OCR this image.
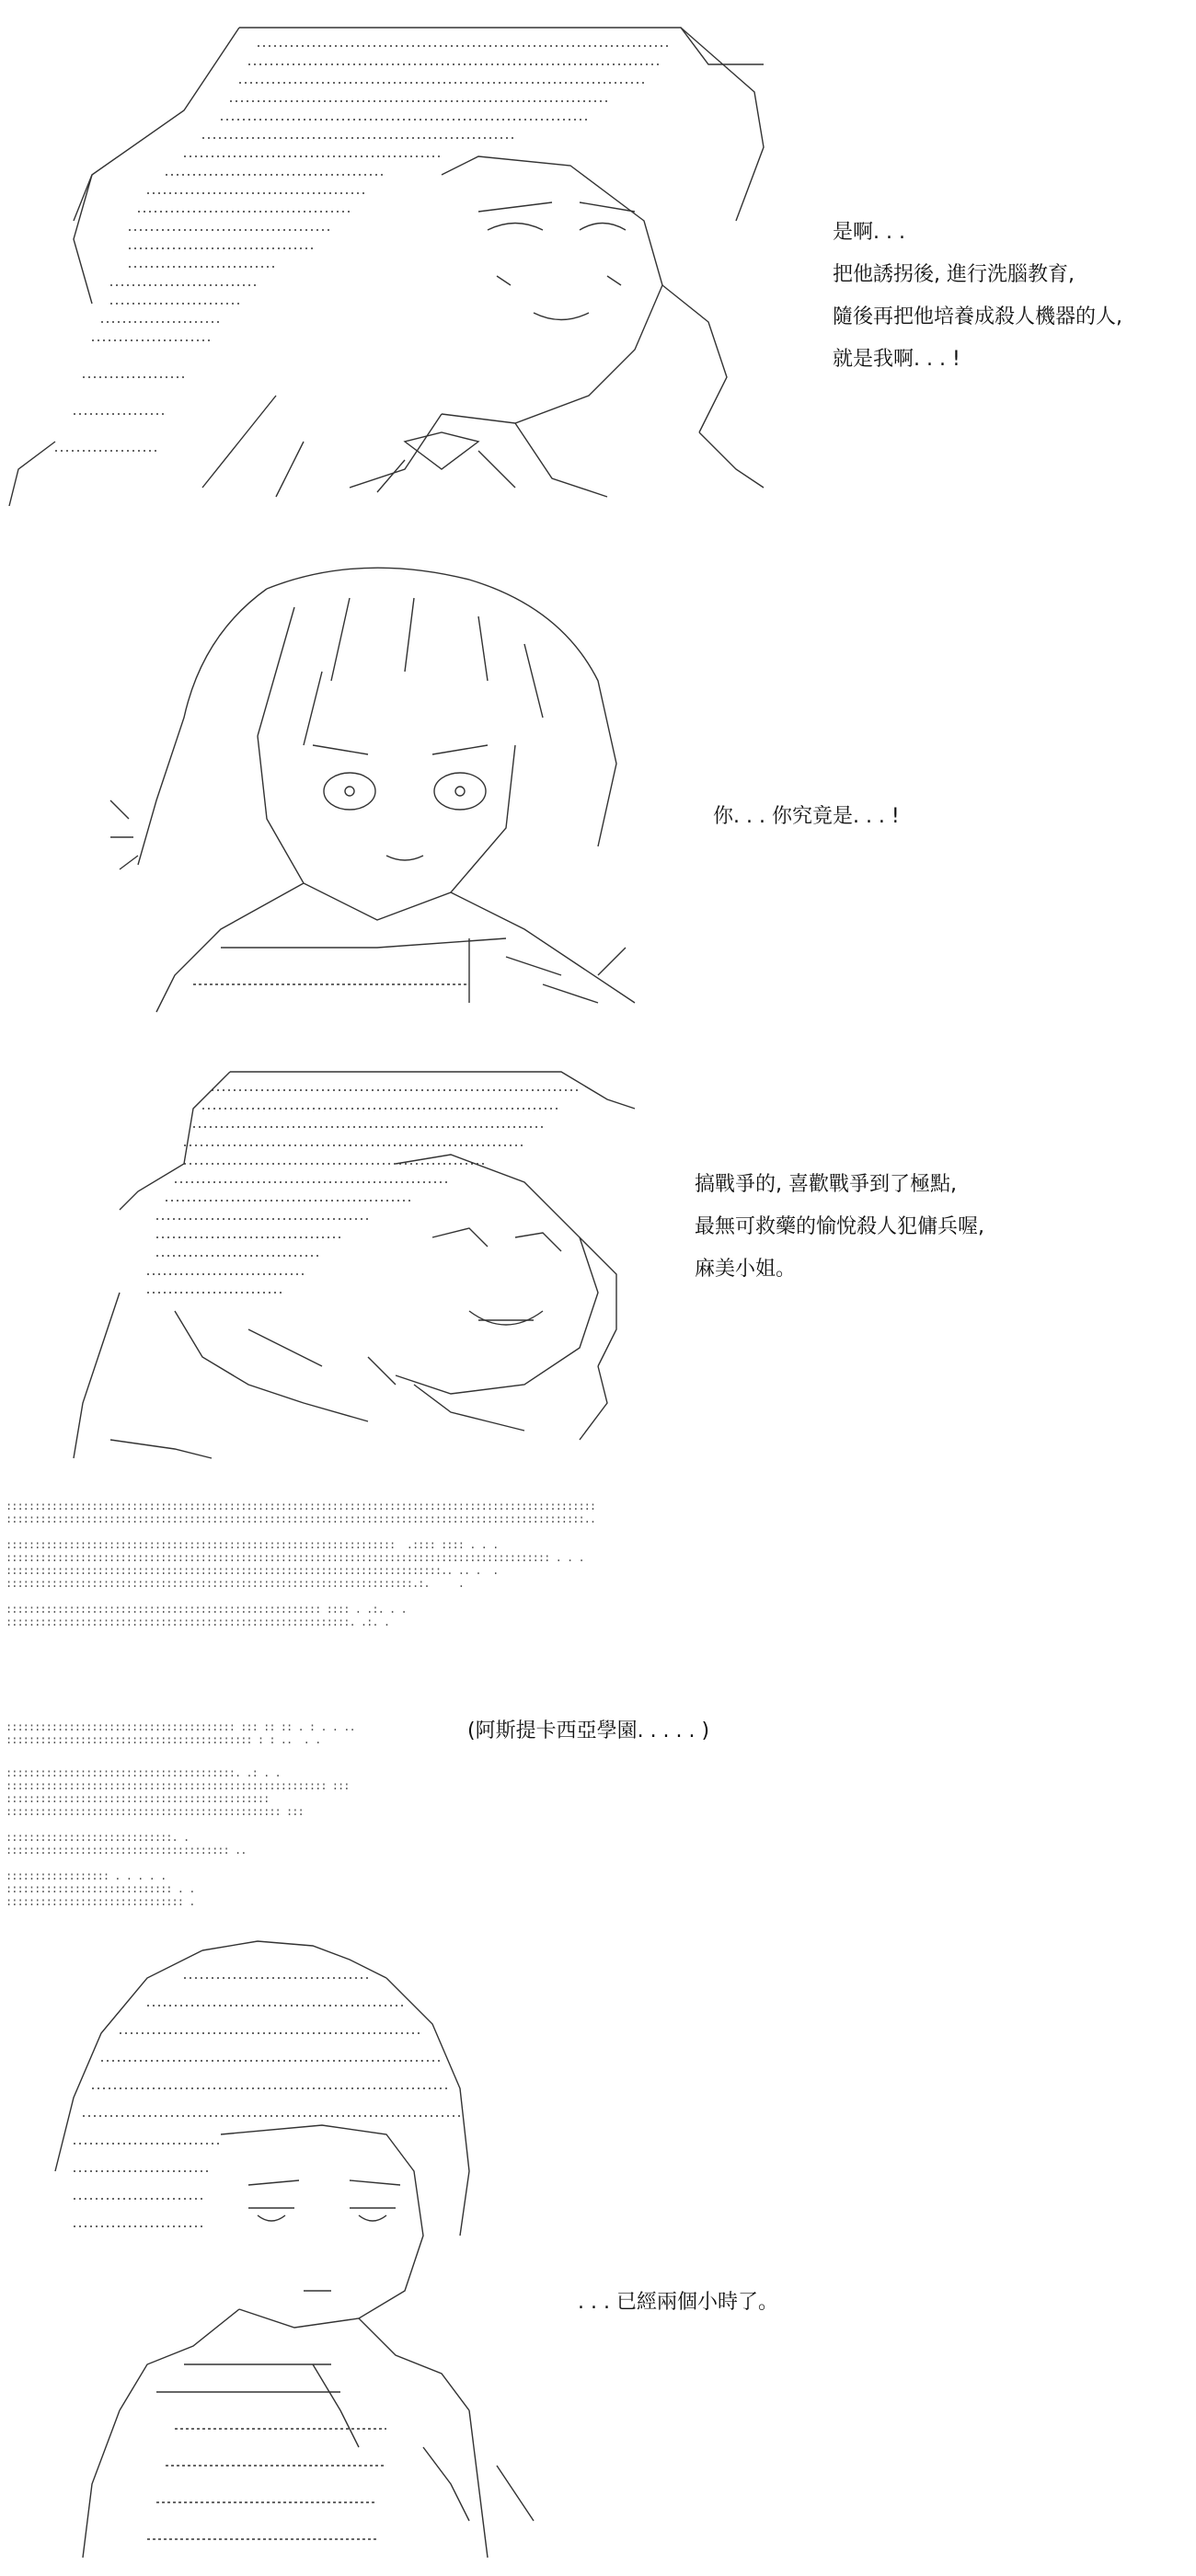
是啊. . .
把他誘拐後, 進行洗腦教育,
隨後再把他培養成殺人機器的人,
就是我啊. . . !
你. . . 你究竟是. . . !
搞戰爭的, 喜歡戰爭到了極點,
最無可救藥的愉悅殺人犯傭兵喔,
麻美小姐。
:::::::::::::::::::::::::::::::::::::::::::::::::::::::::::::::::::::::::::::::::::::::::::::::::::::::
:::::::::::::::::::::::::::::::::::::::::::::::::::::::::::::::::::::::::::::::::::::::::::::::::::::..

::::::::::::::::::::::::::::::::::::::::::::::::::::::::::::::::::::  .:::: :::: . . .
::::::::::::::::::::::::::::::::::::::::::::::::::::::::::::::::::::::::::::::::::::::::::::::: . . .
::::::::::::::::::::::::::::::::::::::::::::::::::::::::::::::::::::::::::::.. .. .  .
:::::::::::::::::::::::::::::::::::::::::::::::::::::::::::::::::::::::.:.     .

::::::::::::::::::::::::::::::::::::::::::::::::::::::: :::: . .:. . .
::::::::::::::::::::::::::::::::::::::::::::::::::::::::::::. .:. .
:::::::::::::::::::::::::::::::::::::::: ::: :: :: . : . . ..
::::::::::::::::::::::::::::::::::::::::::: : : ..  . .	(阿斯提卡西亞學園. . . . . )
::::::::::::::::::::::::::::::::::::::::. .: . .
:::::::::::::::::::::::::::::::::::::::::::::::::::::::: :::
::::::::::::::::::::::::::::::::::::::::::::::
:::::::::::::::::::::::::::::::::::::::::::::::: :::

:::::::::::::::::::::::::::::. .
::::::::::::::::::::::::::::::::::::::: ..

:::::::::::::::::: . . . . .
::::::::::::::::::::::::::::: . .
::::::::::::::::::::::::::::::: .
. . . 已經兩個小時了。
